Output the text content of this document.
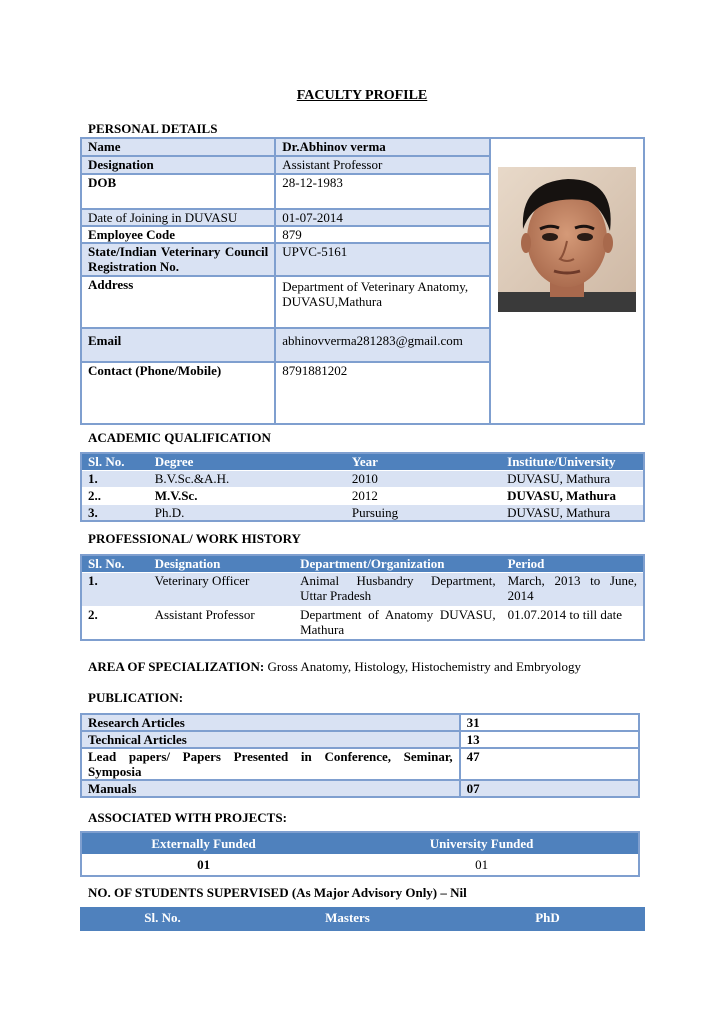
FACULTY PROFILE
PERSONAL DETAILS
Name	Dr.Abhinov verma	
Designation	Assistant Professor	
DOB	28-12-1983	
Date of Joining in DUVASU	01-07-2014	
Employee Code	879	
State/Indian Veterinary Council Registration No.	UPVC-5161	
Address	Department of Veterinary Anatomy, DUVASU,Mathura	
Email	abhinovverma281283@gmail.com	
Contact (Phone/Mobile)	8791881202	
ACADEMIC QUALIFICATION
Sl. No.	Degree	Year	Institute/University
1.	B.V.Sc.&A.H.	2010	DUVASU, Mathura
2..	M.V.Sc.	2012	DUVASU, Mathura
3.	Ph.D.	Pursuing	DUVASU, Mathura
PROFESSIONAL/ WORK HISTORY
Sl. No.	Designation	Department/Organization	Period
1.	Veterinary Officer	Animal Husbandry Department, Uttar Pradesh	March, 2013 to June, 2014
2.	Assistant Professor	Department of Anatomy DUVASU, Mathura	01.07.2014 to till date
AREA OF SPECIALIZATION: Gross Anatomy, Histology, Histochemistry and Embryology
PUBLICATION:
Research Articles	31
Technical Articles	13
Lead papers/ Papers Presented in Conference, Seminar, Symposia	47
Manuals	07
ASSOCIATED WITH PROJECTS:
Externally Funded	University Funded
01	01
NO. OF STUDENTS SUPERVISED (As Major Advisory Only) – Nil
Sl. No.	Masters	PhD
